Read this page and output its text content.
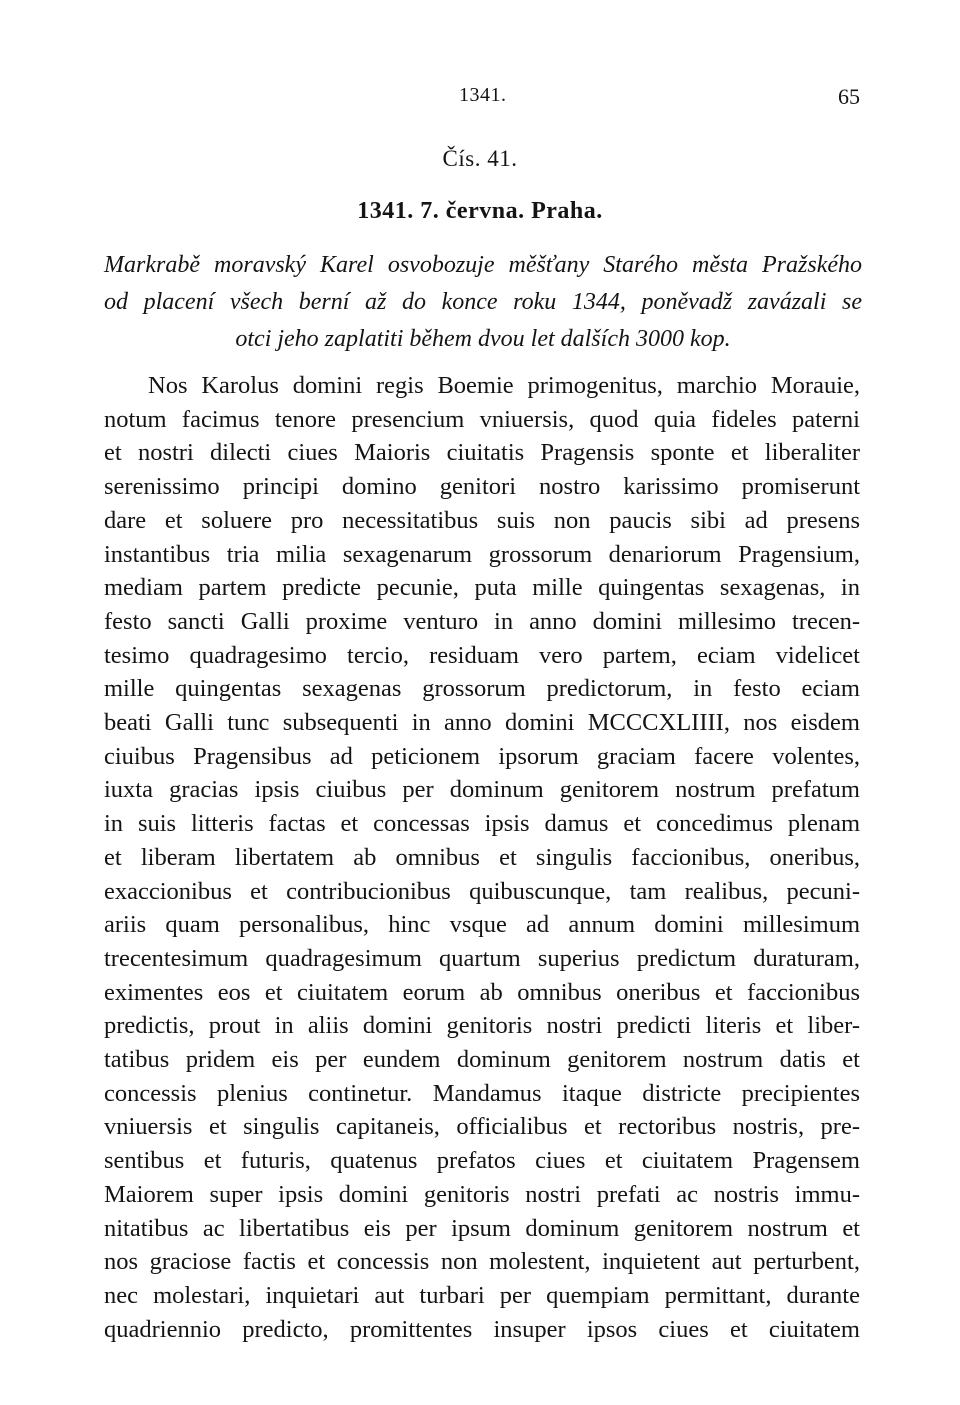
1341.	65
Čís. 41.
1341. 7. června. Praha.
Markrabě moravský Karel osvobozuje měšťany Starého města Pražského
od placení všech berní až do konce roku 1344, poněvadž zavázali se
otci jeho zaplatiti během dvou let dalších 3000 kop.
Nos Karolus domini regis Boemie primogenitus, marchio Morauie,
notum facimus tenore presencium vniuersis, quod quia fideles paterni
et nostri dilecti ciues Maioris ciuitatis Pragensis sponte et liberaliter
serenissimo principi domino genitori nostro karissimo promiserunt
dare et soluere pro necessitatibus suis non paucis sibi ad presens
instantibus tria milia sexagenarum grossorum denariorum Pragensium,
mediam partem predicte pecunie, puta mille quingentas sexagenas, in
festo sancti Galli proxime venturo in anno domini millesimo trecen-
tesimo quadragesimo tercio, residuam vero partem, eciam videlicet
mille quingentas sexagenas grossorum predictorum, in festo eciam
beati Galli tunc subsequenti in anno domini MCCCXLIIII, nos eisdem
ciuibus Pragensibus ad peticionem ipsorum graciam facere volentes,
iuxta gracias ipsis ciuibus per dominum genitorem nostrum prefatum
in suis litteris factas et concessas ipsis damus et concedimus plenam
et liberam libertatem ab omnibus et singulis faccionibus, oneribus,
exaccionibus et contribucionibus quibuscunque, tam realibus, pecuni-
ariis quam personalibus, hinc vsque ad annum domini millesimum
trecentesimum quadragesimum quartum superius predictum duraturam,
eximentes eos et ciuitatem eorum ab omnibus oneribus et faccionibus
predictis, prout in aliis domini genitoris nostri predicti literis et liber-
tatibus pridem eis per eundem dominum genitorem nostrum datis et
concessis plenius continetur. Mandamus itaque districte precipientes
vniuersis et singulis capitaneis, officialibus et rectoribus nostris, pre-
sentibus et futuris, quatenus prefatos ciues et ciuitatem Pragensem
Maiorem super ipsis domini genitoris nostri prefati ac nostris immu-
nitatibus ac libertatibus eis per ipsum dominum genitorem nostrum et
nos graciose factis et concessis non molestent, inquietent aut perturbent,
nec molestari, inquietari aut turbari per quempiam permittant, durante
quadriennio predicto, promittentes insuper ipsos ciues et ciuitatem
